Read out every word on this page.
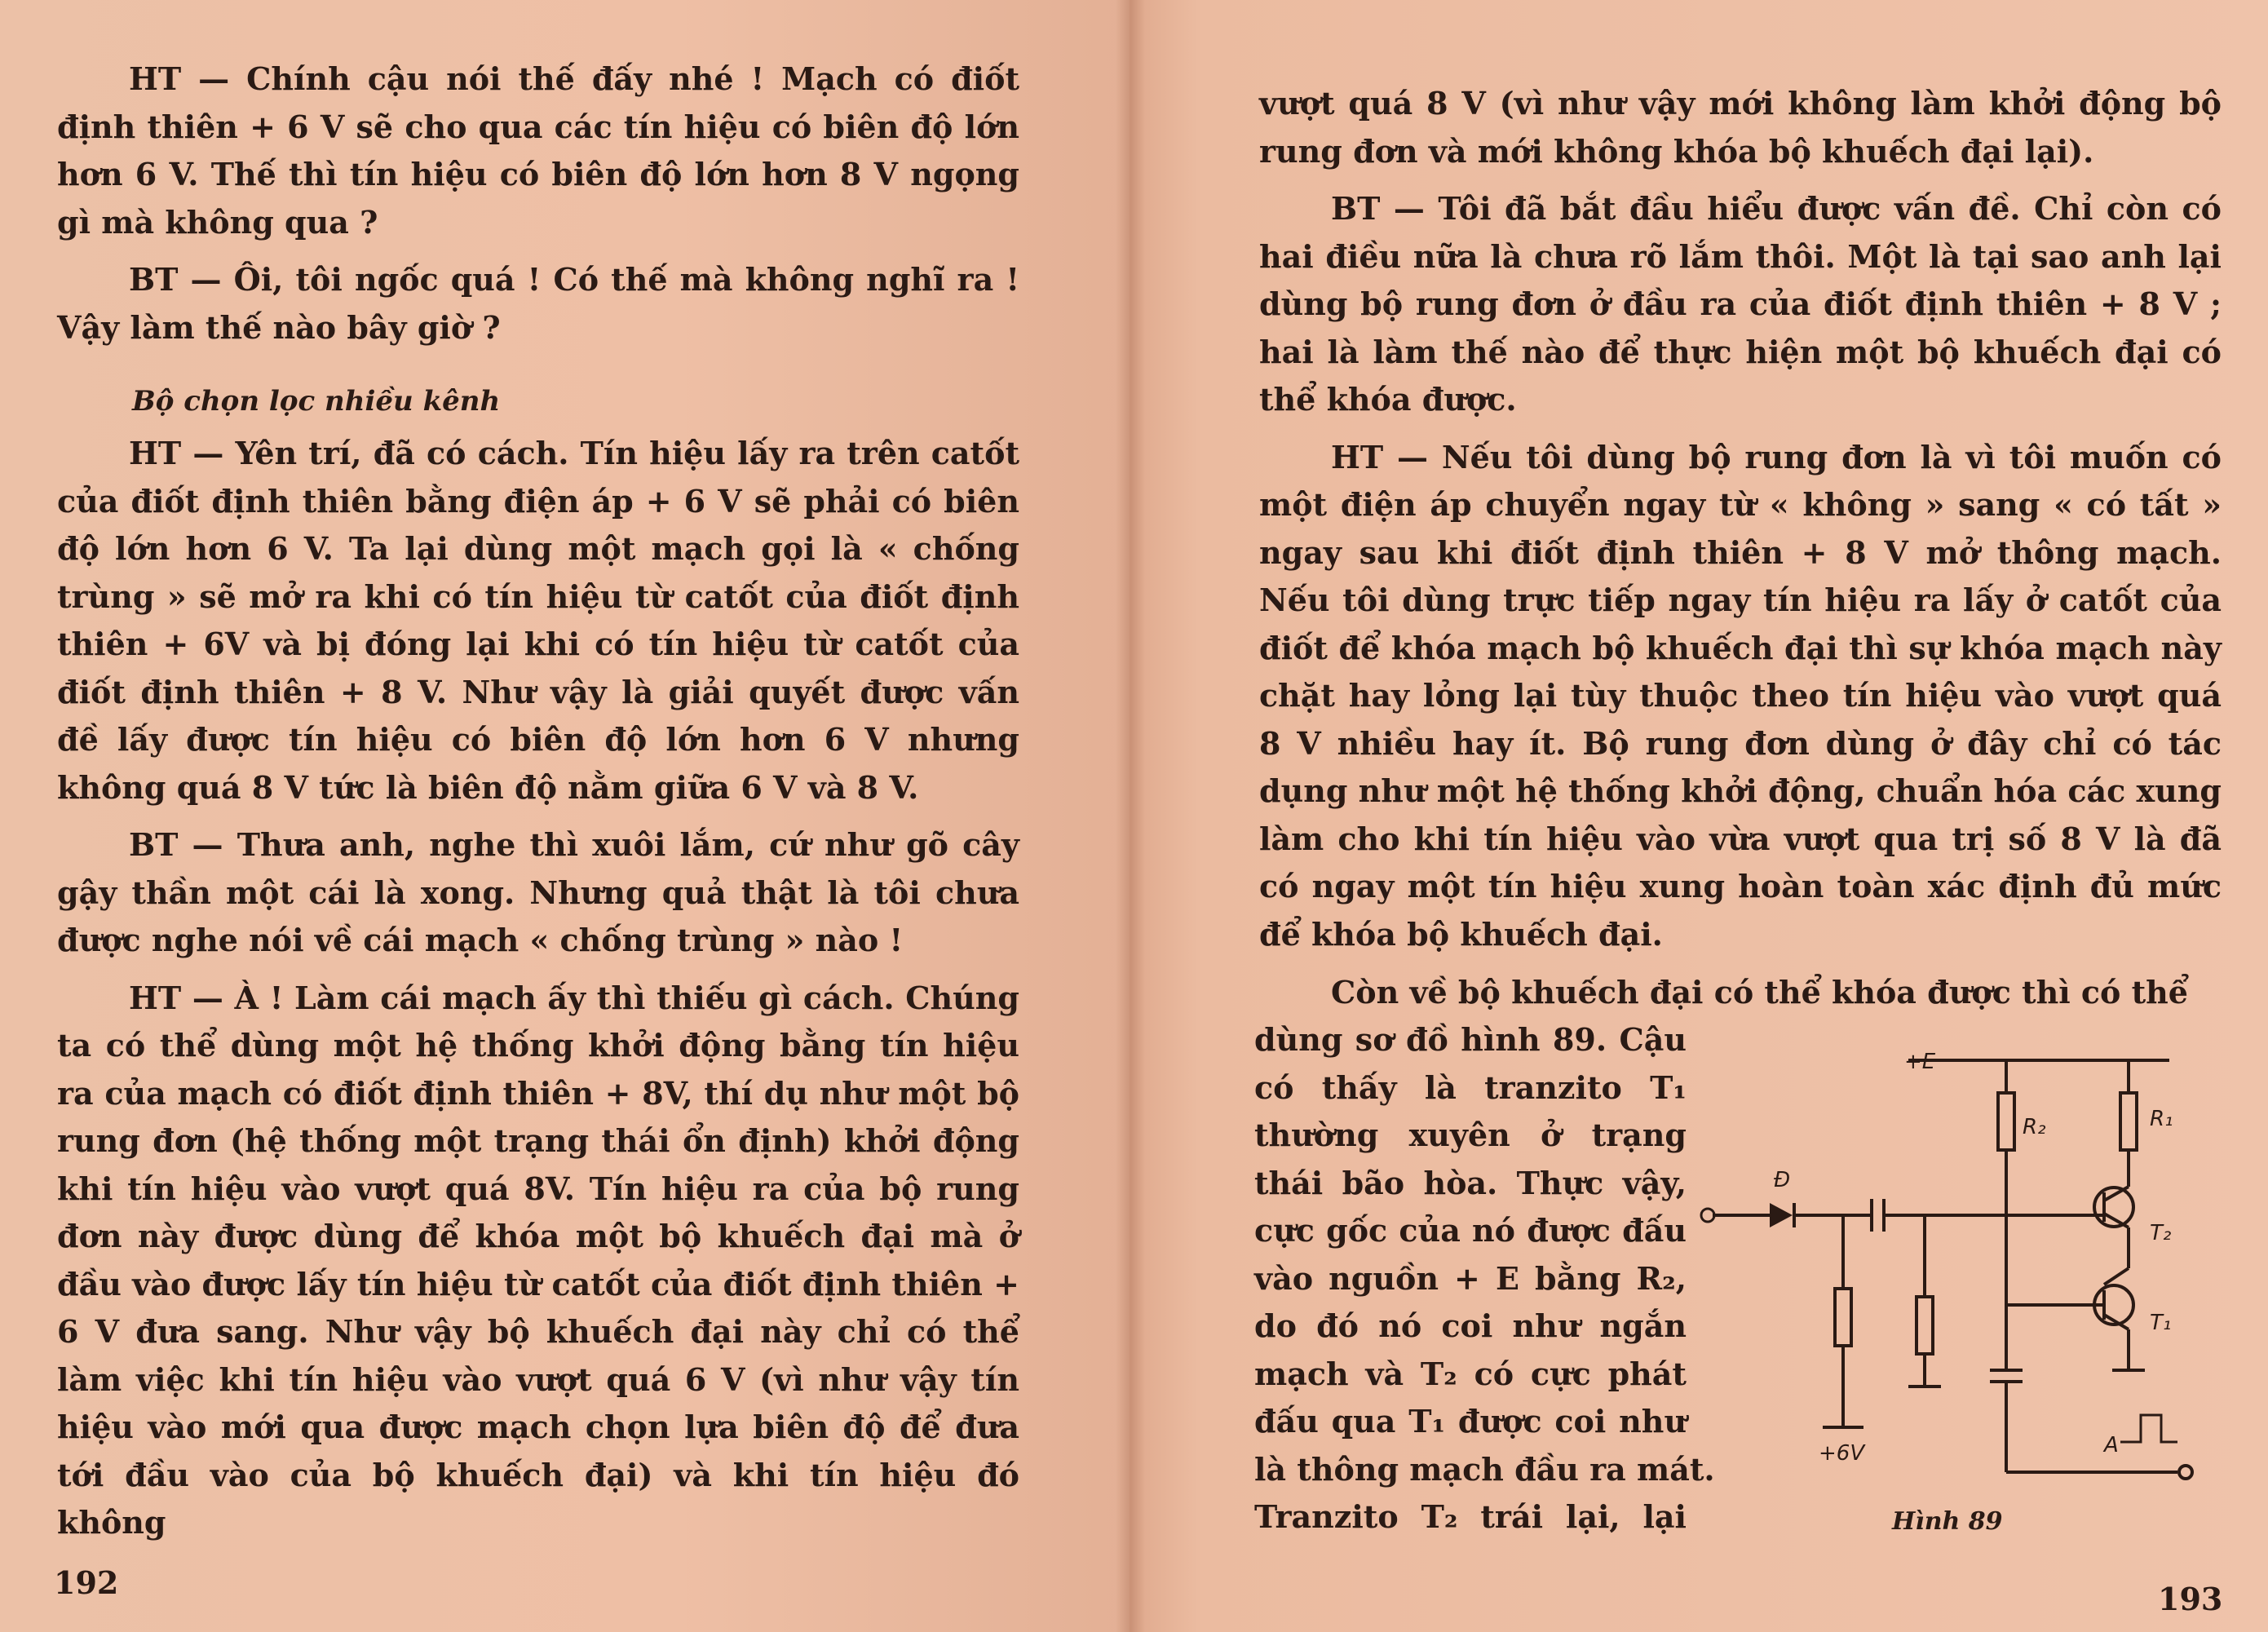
HT — Chính cậu nói thế đấy nhé ! Mạch có điốt định thiên + 6 V sẽ cho qua các tín hiệu có biên độ lớn hơn 6 V. Thế thì tín hiệu có biên độ lớn hơn 8 V ngọng gì mà không qua ?

BT — Ôi, tôi ngốc quá ! Có thế mà không nghĩ ra ! Vậy làm thế nào bây giờ ?

Bộ chọn lọc nhiều kênh

HT — Yên trí, đã có cách. Tín hiệu lấy ra trên catốt của điốt định thiên bằng điện áp + 6 V sẽ phải có biên độ lớn hơn 6 V. Ta lại dùng một mạch gọi là « chống trùng » sẽ mở ra khi có tín hiệu từ catốt của điốt định thiên + 6V và bị đóng lại khi có tín hiệu từ catốt của điốt định thiên + 8 V. Như vậy là giải quyết được vấn đề lấy được tín hiệu có biên độ lớn hơn 6 V nhưng không quá 8 V tức là biên độ nằm giữa 6 V và 8 V.

BT — Thưa anh, nghe thì xuôi lắm, cứ như gõ cây gậy thần một cái là xong. Nhưng quả thật là tôi chưa được nghe nói về cái mạch « chống trùng » nào !

HT — À ! Làm cái mạch ấy thì thiếu gì cách. Chúng ta có thể dùng một hệ thống khởi động bằng tín hiệu ra của mạch có điốt định thiên + 8V, thí dụ như một bộ rung đơn (hệ thống một trạng thái ổn định) khởi động khi tín hiệu vào vượt quá 8V. Tín hiệu ra của bộ rung đơn này được dùng để khóa một bộ khuếch đại mà ở đầu vào được lấy tín hiệu từ catốt của điốt định thiên + 6 V đưa sang. Như vậy bộ khuếch đại này chỉ có thể làm việc khi tín hiệu vào vượt quá 6 V (vì như vậy tín hiệu vào mới qua được mạch chọn lựa biên độ để đưa tới đầu vào của bộ khuếch đại) và khi tín hiệu đó không

192

vượt quá 8 V (vì như vậy mới không làm khởi động bộ rung đơn và mới không khóa bộ khuếch đại lại).

BT — Tôi đã bắt đầu hiểu được vấn đề. Chỉ còn có hai điều nữa là chưa rõ lắm thôi. Một là tại sao anh lại dùng bộ rung đơn ở đầu ra của điốt định thiên + 8 V ; hai là làm thế nào để thực hiện một bộ khuếch đại có thể khóa được.

HT — Nếu tôi dùng bộ rung đơn là vì tôi muốn có một điện áp chuyển ngay từ « không » sang « có tất » ngay sau khi điốt định thiên + 8 V mở thông mạch. Nếu tôi dùng trực tiếp ngay tín hiệu ra lấy ở catốt của điốt để khóa mạch bộ khuếch đại thì sự khóa mạch này chặt hay lỏng lại tùy thuộc theo tín hiệu vào vượt quá 8 V nhiều hay ít. Bộ rung đơn dùng ở đây chỉ có tác dụng như một hệ thống khởi động, chuẩn hóa các xung làm cho khi tín hiệu vào vừa vượt qua trị số 8 V là đã có ngay một tín hiệu xung hoàn toàn xác định đủ mức để khóa bộ khuếch đại.

Còn về bộ khuếch đại có thể khóa được thì có thể
dùng sơ đồ hình 89. Cậu
có thấy là tranzito T₁
thường xuyên ở trạng
thái bão hòa. Thực vậy,
cực gốc của nó được đấu
vào nguồn + E bằng R₂,
do đó nó coi như ngắn
mạch và T₂ có cực phát
đấu qua T₁ được coi như
là thông mạch đầu ra mát.
Tranzito T₂ trái lại, lại
+E
R₂	R₁
T₂
T₁
Đ
+6V	A
Hình 89
193
